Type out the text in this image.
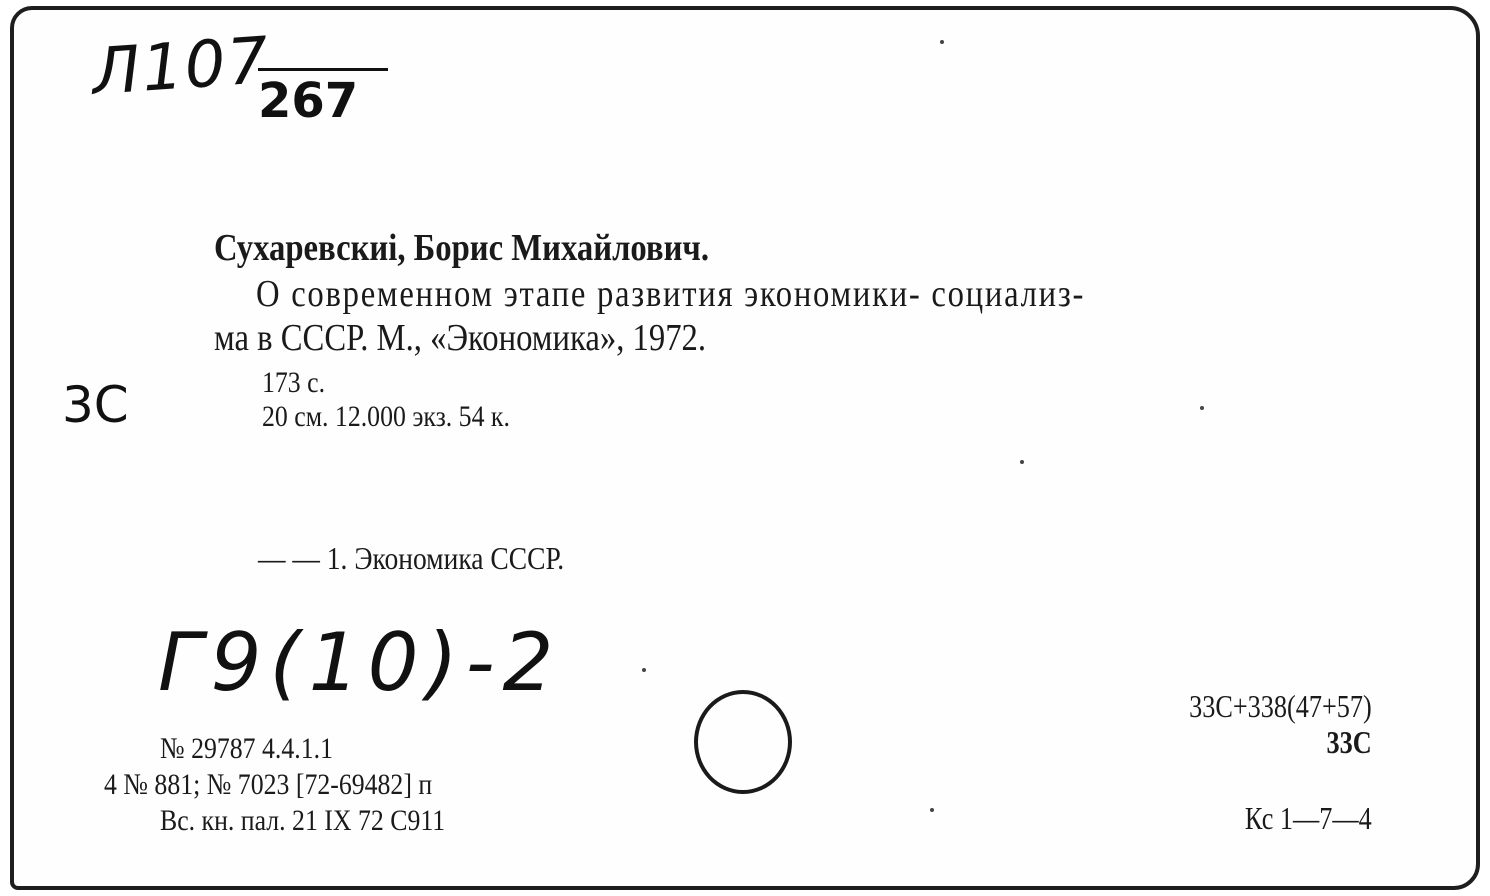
Л107
267
3С
Сухаревскиі, Борис Михайлович.
О современном этапе развития экономики- социализ-
ма в СССР. М., «Экономика», 1972.
173 с.
20 см. 12.000 экз. 54 к.
— — 1. Экономика СССР.
Г9(10)-2	33С+338(47+57)
33С
Кс 1—7—4
№ 29787 4.4.1.1
4 № 881; № 7023 [72-69482] п
Вс. кн. пал. 21 IX 72 С911
